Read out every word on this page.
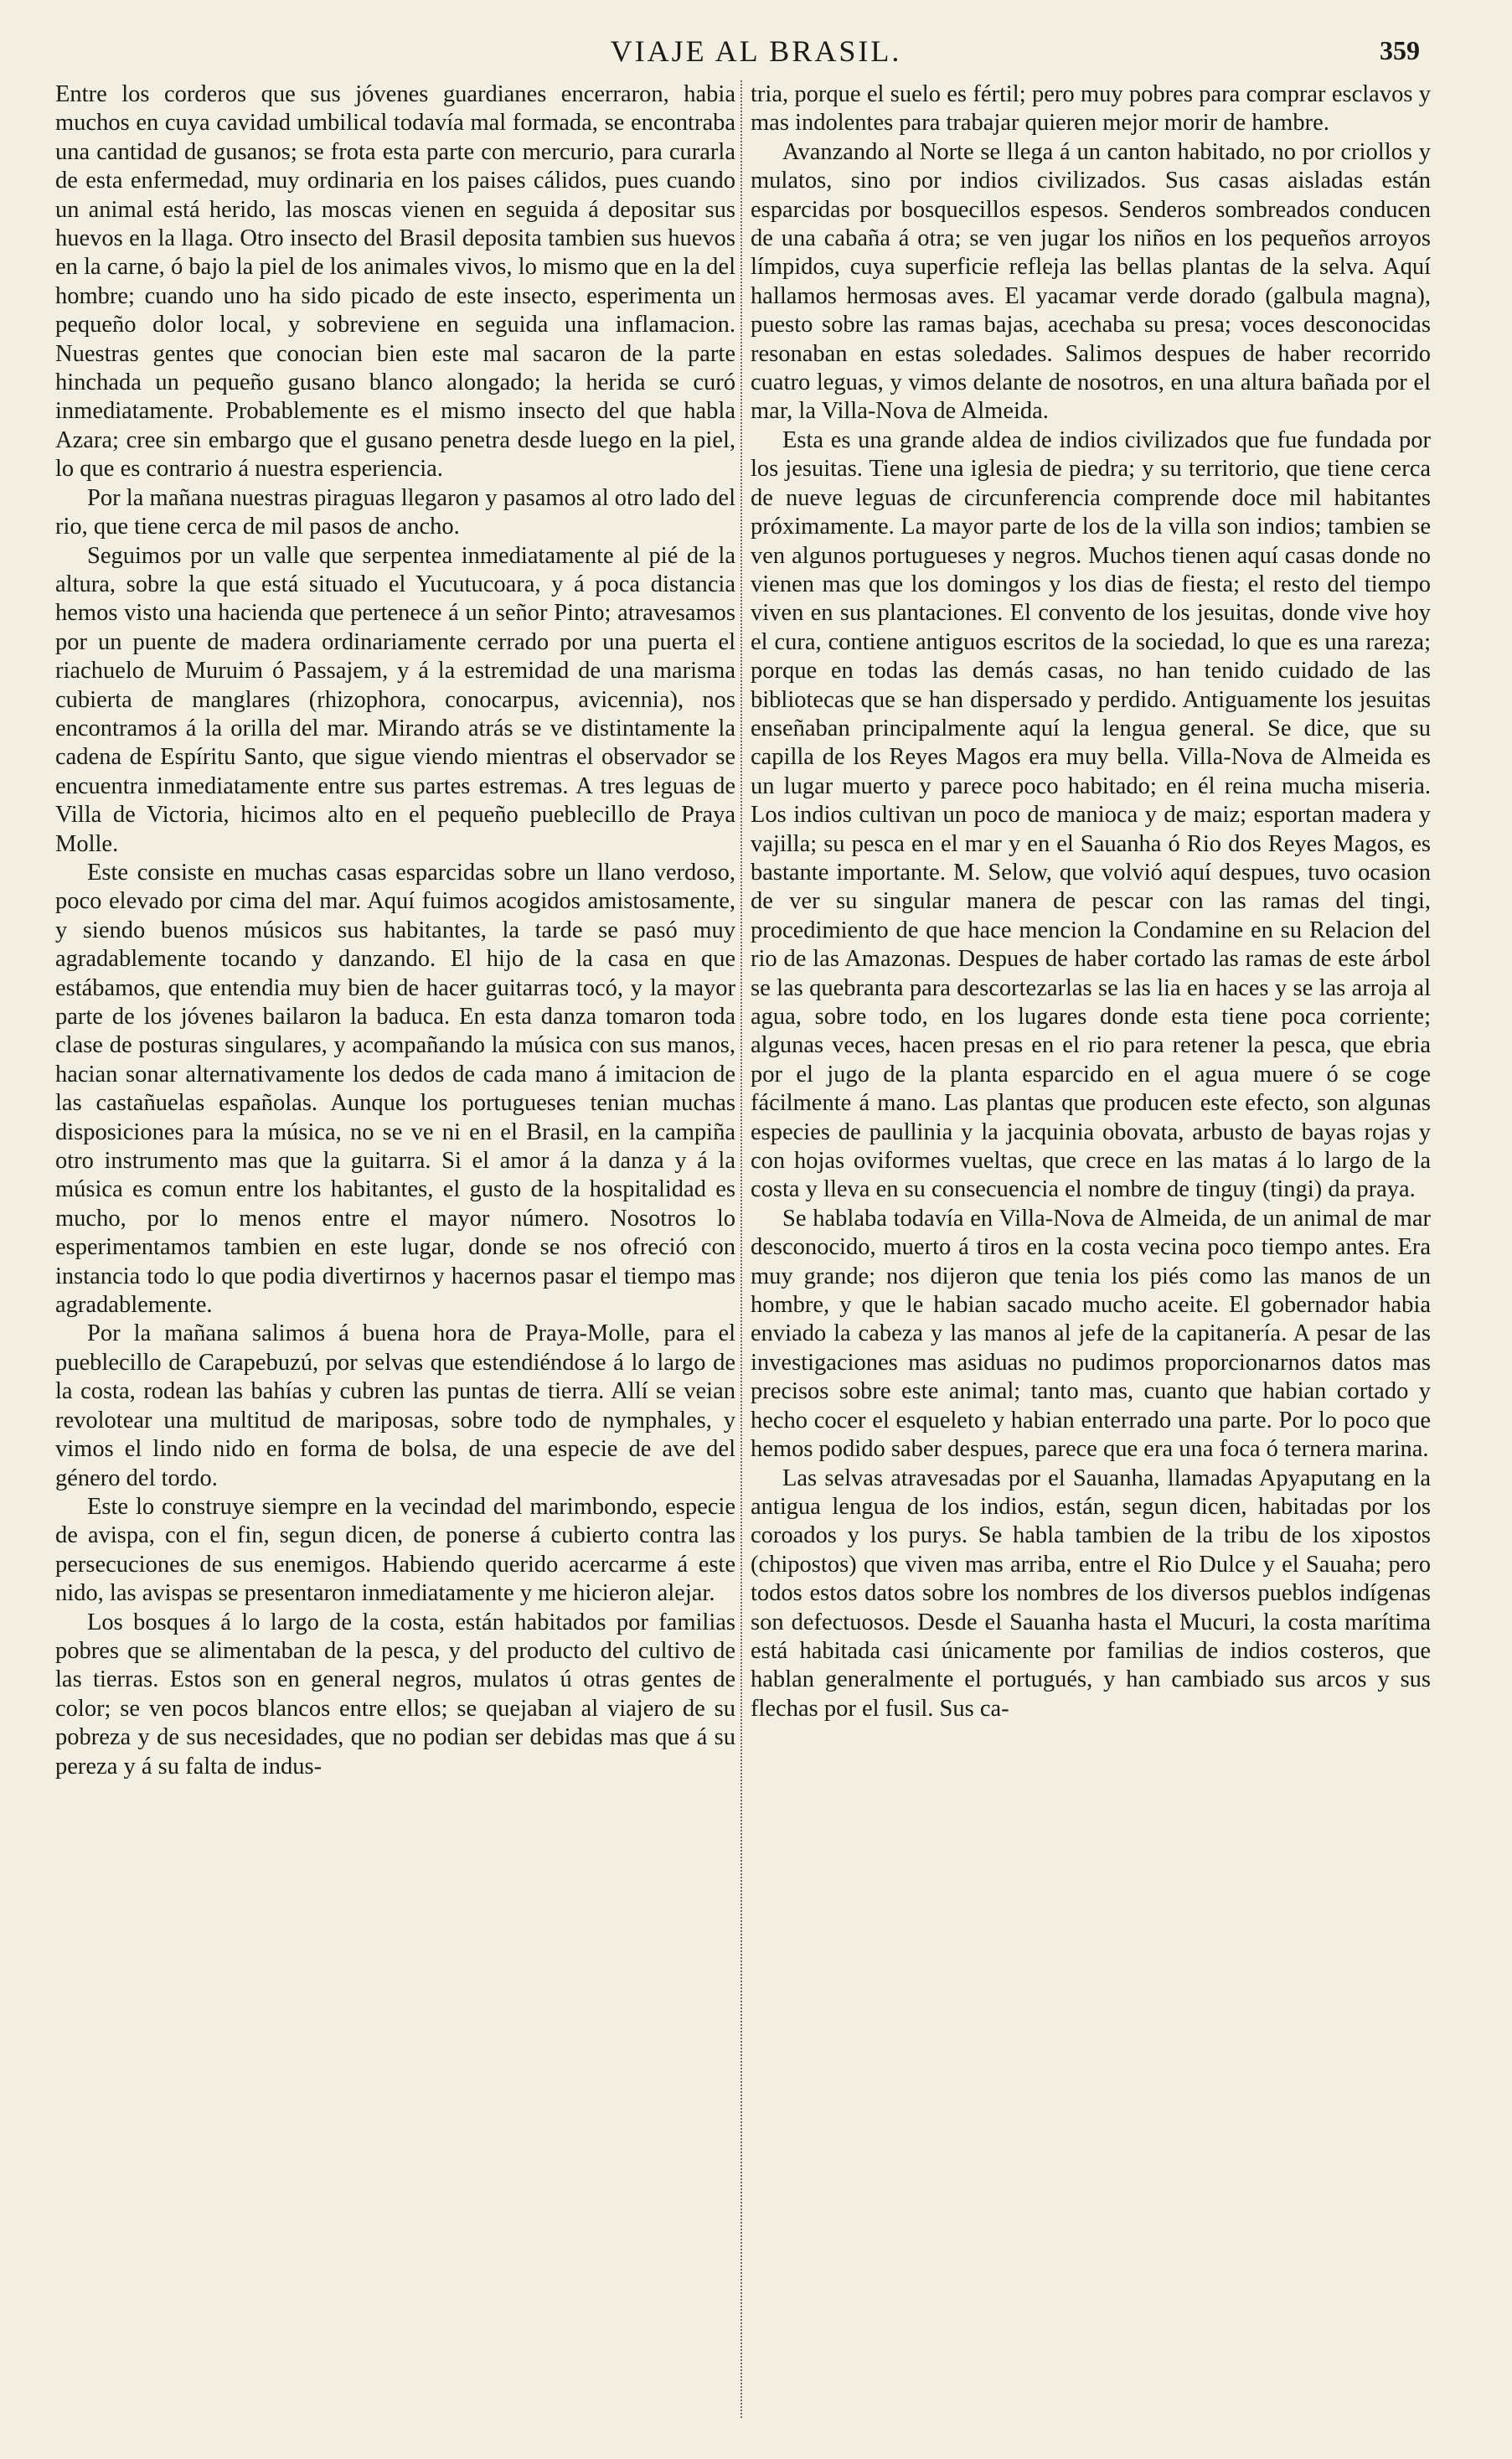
VIAJE AL BRASIL.	359

Entre los corderos que sus jóvenes guardianes encerraron, habia muchos en cuya cavidad umbilical todavía mal formada, se encontraba una cantidad de gusanos; se frota esta parte con mercurio, para curarla de esta enfermedad, muy ordinaria en los paises cálidos, pues cuando un animal está herido, las moscas vienen en seguida á depositar sus huevos en la llaga. Otro insecto del Brasil deposita tambien sus huevos en la carne, ó bajo la piel de los animales vivos, lo mismo que en la del hombre; cuando uno ha sido picado de este insecto, esperimenta un pequeño dolor local, y sobreviene en seguida una inflamacion. Nuestras gentes que conocian bien este mal sacaron de la parte hinchada un pequeño gusano blanco alongado; la herida se curó inmediatamente. Probablemente es el mismo insecto del que habla Azara; cree sin embargo que el gusano penetra desde luego en la piel, lo que es contrario á nuestra esperiencia.

Por la mañana nuestras piraguas llegaron y pasamos al otro lado del rio, que tiene cerca de mil pasos de ancho.

Seguimos por un valle que serpentea inmediatamente al pié de la altura, sobre la que está situado el Yucutucoara, y á poca distancia hemos visto una hacienda que pertenece á un señor Pinto; atravesamos por un puente de madera ordinariamente cerrado por una puerta el riachuelo de Muruim ó Passajem, y á la estremidad de una marisma cubierta de manglares (rhizophora, conocarpus, avicennia), nos encontramos á la orilla del mar. Mirando atrás se ve distintamente la cadena de Espíritu Santo, que sigue viendo mientras el observador se encuentra inmediatamente entre sus partes estremas. A tres leguas de Villa de Victoria, hicimos alto en el pequeño pueblecillo de Praya Molle.

Este consiste en muchas casas esparcidas sobre un llano verdoso, poco elevado por cima del mar. Aquí fuimos acogidos amistosamente, y siendo buenos músicos sus habitantes, la tarde se pasó muy agradablemente tocando y danzando. El hijo de la casa en que estábamos, que entendia muy bien de hacer guitarras tocó, y la mayor parte de los jóvenes bailaron la baduca. En esta danza tomaron toda clase de posturas singulares, y acompañando la música con sus manos, hacian sonar alternativamente los dedos de cada mano á imitacion de las castañuelas españolas. Aunque los portugueses tenian muchas disposiciones para la música, no se ve ni en el Brasil, en la campiña otro instrumento mas que la guitarra. Si el amor á la danza y á la música es comun entre los habitantes, el gusto de la hospitalidad es mucho, por lo menos entre el mayor número. Nosotros lo esperimentamos tambien en este lugar, donde se nos ofreció con instancia todo lo que podia divertirnos y hacernos pasar el tiempo mas agradablemente.

Por la mañana salimos á buena hora de Praya-Molle, para el pueblecillo de Carapebuzú, por selvas que estendiéndose á lo largo de la costa, rodean las bahías y cubren las puntas de tierra. Allí se veian revolotear una multitud de mariposas, sobre todo de nymphales, y vimos el lindo nido en forma de bolsa, de una especie de ave del género del tordo.

Este lo construye siempre en la vecindad del marimbondo, especie de avispa, con el fin, segun dicen, de ponerse á cubierto contra las persecuciones de sus enemigos. Habiendo querido acercarme á este nido, las avispas se presentaron inmediatamente y me hicieron alejar.

Los bosques á lo largo de la costa, están habitados por familias pobres que se alimentaban de la pesca, y del producto del cultivo de las tierras. Estos son en general negros, mulatos ú otras gentes de color; se ven pocos blancos entre ellos; se quejaban al viajero de su pobreza y de sus necesidades, que no podian ser debidas mas que á su pereza y á su falta de indus-

tria, porque el suelo es fértil; pero muy pobres para comprar esclavos y mas indolentes para trabajar quieren mejor morir de hambre.

Avanzando al Norte se llega á un canton habitado, no por criollos y mulatos, sino por indios civilizados. Sus casas aisladas están esparcidas por bosquecillos espesos. Senderos sombreados conducen de una cabaña á otra; se ven jugar los niños en los pequeños arroyos límpidos, cuya superficie refleja las bellas plantas de la selva. Aquí hallamos hermosas aves. El yacamar verde dorado (galbula magna), puesto sobre las ramas bajas, acechaba su presa; voces desconocidas resonaban en estas soledades. Salimos despues de haber recorrido cuatro leguas, y vimos delante de nosotros, en una altura bañada por el mar, la Villa-Nova de Almeida.

Esta es una grande aldea de indios civilizados que fue fundada por los jesuitas. Tiene una iglesia de piedra; y su territorio, que tiene cerca de nueve leguas de circunferencia comprende doce mil habitantes próximamente. La mayor parte de los de la villa son indios; tambien se ven algunos portugueses y negros. Muchos tienen aquí casas donde no vienen mas que los domingos y los dias de fiesta; el resto del tiempo viven en sus plantaciones. El convento de los jesuitas, donde vive hoy el cura, contiene antiguos escritos de la sociedad, lo que es una rareza; porque en todas las demás casas, no han tenido cuidado de las bibliotecas que se han dispersado y perdido. Antiguamente los jesuitas enseñaban principalmente aquí la lengua general. Se dice, que su capilla de los Reyes Magos era muy bella. Villa-Nova de Almeida es un lugar muerto y parece poco habitado; en él reina mucha miseria. Los indios cultivan un poco de manioca y de maiz; esportan madera y vajilla; su pesca en el mar y en el Sauanha ó Rio dos Reyes Magos, es bastante importante. M. Selow, que volvió aquí despues, tuvo ocasion de ver su singular manera de pescar con las ramas del tingi, procedimiento de que hace mencion la Condamine en su Relacion del rio de las Amazonas. Despues de haber cortado las ramas de este árbol se las quebranta para descortezarlas se las lia en haces y se las arroja al agua, sobre todo, en los lugares donde esta tiene poca corriente; algunas veces, hacen presas en el rio para retener la pesca, que ebria por el jugo de la planta esparcido en el agua muere ó se coge fácilmente á mano. Las plantas que producen este efecto, son algunas especies de paullinia y la jacquinia obovata, arbusto de bayas rojas y con hojas oviformes vueltas, que crece en las matas á lo largo de la costa y lleva en su consecuencia el nombre de tinguy (tingi) da praya.

Se hablaba todavía en Villa-Nova de Almeida, de un animal de mar desconocido, muerto á tiros en la costa vecina poco tiempo antes. Era muy grande; nos dijeron que tenia los piés como las manos de un hombre, y que le habian sacado mucho aceite. El gobernador habia enviado la cabeza y las manos al jefe de la capitanería. A pesar de las investigaciones mas asiduas no pudimos proporcionarnos datos mas precisos sobre este animal; tanto mas, cuanto que habian cortado y hecho cocer el esqueleto y habian enterrado una parte. Por lo poco que hemos podido saber despues, parece que era una foca ó ternera marina.

Las selvas atravesadas por el Sauanha, llamadas Apyaputang en la antigua lengua de los indios, están, segun dicen, habitadas por los coroados y los purys. Se habla tambien de la tribu de los xipostos (chipostos) que viven mas arriba, entre el Rio Dulce y el Sauaha; pero todos estos datos sobre los nombres de los diversos pueblos indígenas son defectuosos. Desde el Sauanha hasta el Mucuri, la costa marítima está habitada casi únicamente por familias de indios costeros, que hablan generalmente el portugués, y han cambiado sus arcos y sus flechas por el fusil. Sus ca-
